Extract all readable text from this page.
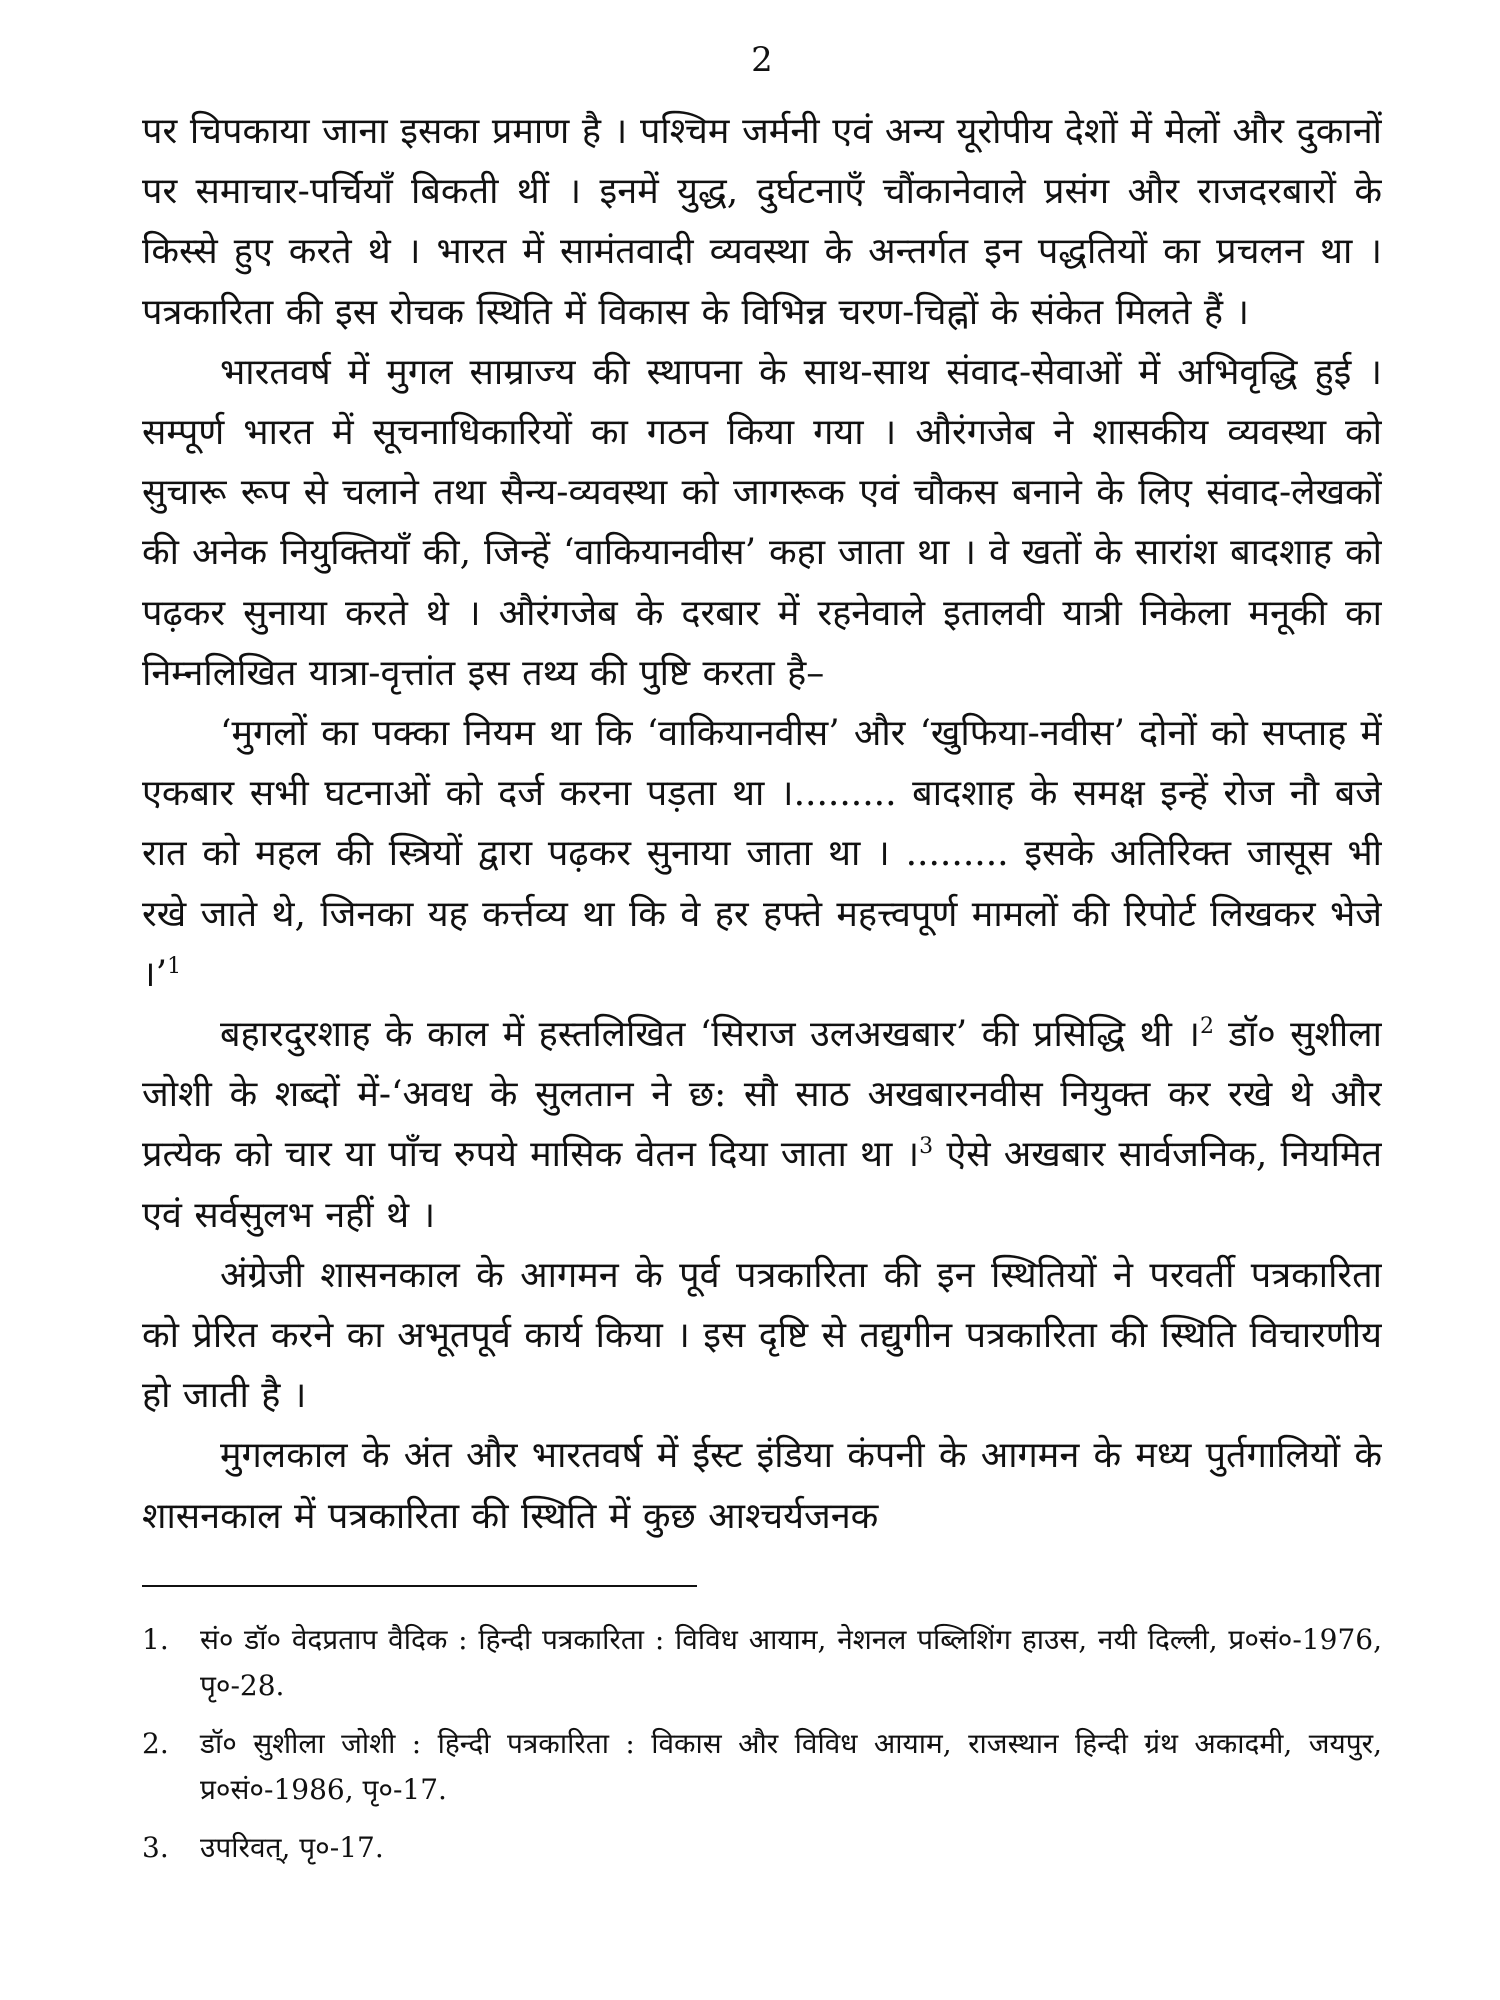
2

पर चिपकाया जाना इसका प्रमाण है । पश्चिम जर्मनी एवं अन्य यूरोपीय देशों में मेलों और दुकानों पर समाचार-पर्चियाँ बिकती थीं । इनमें युद्ध, दुर्घटनाएँ चौंकानेवाले प्रसंग और राजदरबारों के किस्से हुए करते थे । भारत में सामंतवादी व्यवस्था के अन्तर्गत इन पद्धतियों का प्रचलन था । पत्रकारिता की इस रोचक स्थिति में विकास के विभिन्न चरण-चिह्नों के संकेत मिलते हैं ।

भारतवर्ष में मुगल साम्राज्य की स्थापना के साथ-साथ संवाद-सेवाओं में अभिवृद्धि हुई । सम्पूर्ण भारत में सूचनाधिकारियों का गठन किया गया । औरंगजेब ने शासकीय व्यवस्था को सुचारू रूप से चलाने तथा सैन्य-व्यवस्था को जागरूक एवं चौकस बनाने के लिए संवाद-लेखकों की अनेक नियुक्तियाँ की, जिन्हें ‘वाकियानवीस’ कहा जाता था । वे खतों के सारांश बादशाह को पढ़कर सुनाया करते थे । औरंगजेब के दरबार में रहनेवाले इतालवी यात्री निकेला मनूकी का निम्नलिखित यात्रा-वृत्तांत इस तथ्य की पुष्टि करता है–

‘मुगलों का पक्का नियम था कि ‘वाकियानवीस’ और ‘खुफिया-नवीस’ दोनों को सप्ताह में एकबार सभी घटनाओं को दर्ज करना पड़ता था ।......... बादशाह के समक्ष इन्हें रोज नौ बजे रात को महल की स्त्रियों द्वारा पढ़कर सुनाया जाता था । ......... इसके अतिरिक्त जासूस भी रखे जाते थे, जिनका यह कर्त्तव्य था कि वे हर हफ्ते महत्त्वपूर्ण मामलों की रिपोर्ट लिखकर भेजे ।’$^1$

बहारदुरशाह के काल में हस्तलिखित ‘सिराज उलअखबार’ की प्रसिद्धि थी ।$^2$ डॉ० सुशीला जोशी के शब्दों में-‘अवध के सुलतान ने छ: सौ साठ अखबारनवीस नियुक्त कर रखे थे और प्रत्येक को चार या पाँच रुपये मासिक वेतन दिया जाता था ।$^3$ ऐसे अखबार सार्वजनिक, नियमित एवं सर्वसुलभ नहीं थे ।

अंग्रेजी शासनकाल के आगमन के पूर्व पत्रकारिता की इन स्थितियों ने परवर्ती पत्रकारिता को प्रेरित करने का अभूतपूर्व कार्य किया । इस दृष्टि से तद्युगीन पत्रकारिता की स्थिति विचारणीय हो जाती है ।

मुगलकाल के अंत और भारतवर्ष में ईस्ट इंडिया कंपनी के आगमन के मध्य पुर्तगालियों के शासनकाल में पत्रकारिता की स्थिति में कुछ आश्चर्यजनक

1.	सं० डॉ० वेदप्रताप वैदिक : हिन्दी पत्रकारिता : विविध आयाम, नेशनल पब्लिशिंग हाउस, नयी दिल्ली, प्र०सं०-1976, पृ०-28.
2.	डॉ० सुशीला जोशी : हिन्दी पत्रकारिता : विकास और विविध आयाम, राजस्थान हिन्दी ग्रंथ अकादमी, जयपुर, प्र०सं०-1986, पृ०-17.
3.	उपरिवत्, पृ०-17.
